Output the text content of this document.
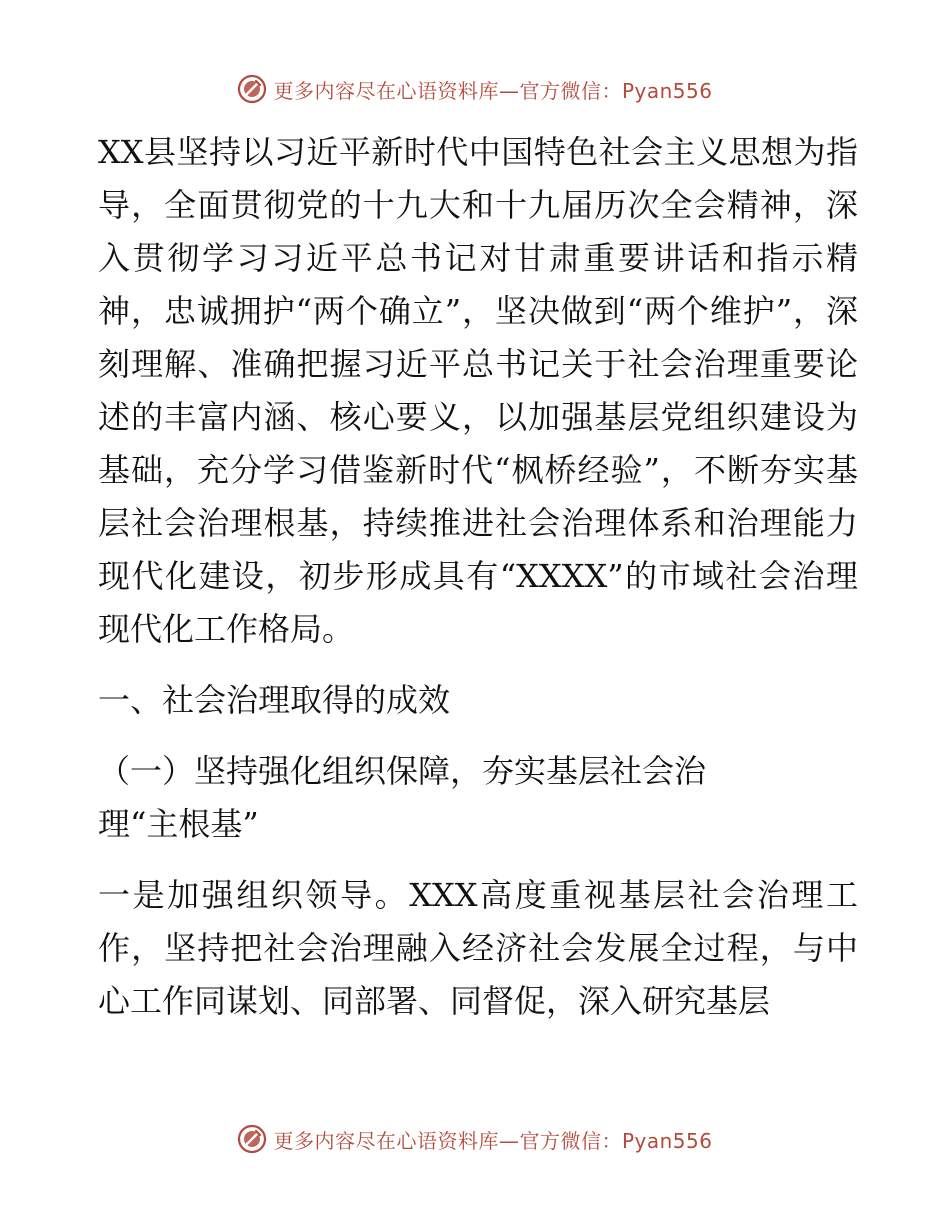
更多内容尽在心语资料库—官方微信：Pyan556

XX县坚持以习近平新时代中国特色社会主义思想为指导，全面贯彻党的十九大和十九届历次全会精神，深入贯彻学习习近平总书记对甘肃重要讲话和指示精神，忠诚拥护“两个确立”，坚决做到“两个维护”，深刻理解、准确把握习近平总书记关于社会治理重要论述的丰富内涵、核心要义，以加强基层党组织建设为基础，充分学习借鉴新时代“枫桥经验”，不断夯实基层社会治理根基，持续推进社会治理体系和治理能力现代化建设，初步形成具有“XXXX”的市域社会治理现代化工作格局。

一、社会治理取得的成效

（一）坚持强化组织保障，夯实基层社会治

理“主根基”

一是加强组织领导。XXX高度重视基层社会治理工作，坚持把社会治理融入经济社会发展全过程，与中心工作同谋划、同部署、同督促，深入研究基层

更多内容尽在心语资料库—官方微信：Pyan556
